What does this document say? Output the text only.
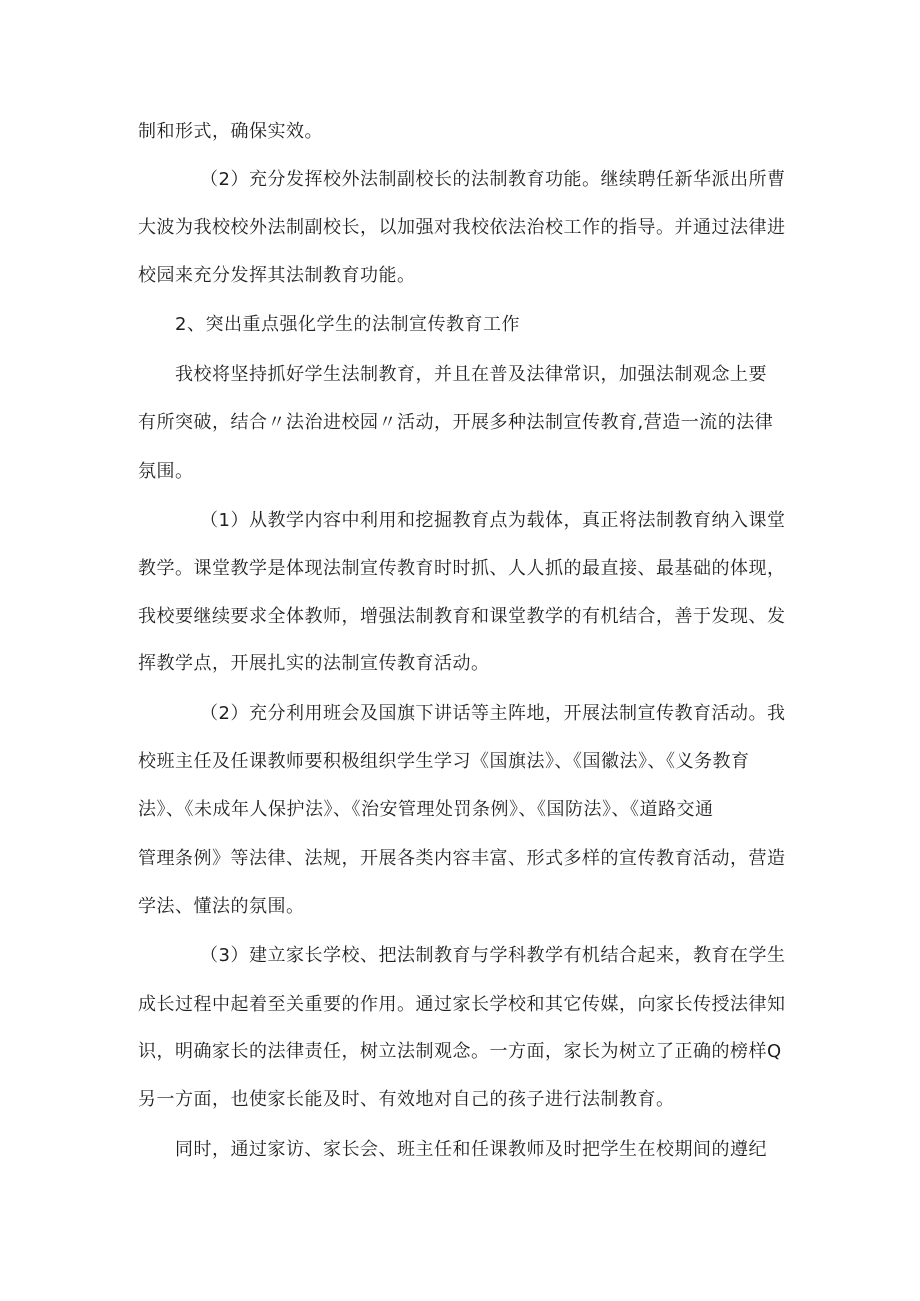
制和形式，确保实效。
（2）充分发挥校外法制副校长的法制教育功能。继续聘任新华派出所曹
大波为我校校外法制副校长，以加强对我校依法治校工作的指导。并通过法律进
校园来充分发挥其法制教育功能。
2、突出重点强化学生的法制宣传教育工作
我校将坚持抓好学生法制教育，并且在普及法律常识，加强法制观念上要
有所突破，结合〃法治进校园〃活动，开展多种法制宣传教育,营造一流的法律
氛围。
（1）从教学内容中利用和挖掘教育点为载体，真正将法制教育纳入课堂
教学。课堂教学是体现法制宣传教育时时抓、人人抓的最直接、最基础的体现，
我校要继续要求全体教师，增强法制教育和课堂教学的有机结合，善于发现、发
挥教学点，开展扎实的法制宣传教育活动。
（2）充分利用班会及国旗下讲话等主阵地，开展法制宣传教育活动。我
校班主任及任课教师要积极组织学生学习《国旗法》、《国徽法》、《义务教育
法》、《未成年人保护法》、《治安管理处罚条例》、《国防法》、《道路交通
管理条例》等法律、法规，开展各类内容丰富、形式多样的宣传教育活动，营造
学法、懂法的氛围。
（3）建立家长学校、把法制教育与学科教学有机结合起来，教育在学生
成长过程中起着至关重要的作用。通过家长学校和其它传媒，向家长传授法律知
识，明确家长的法律责任，树立法制观念。一方面，家长为树立了正确的榜样Q
另一方面，也使家长能及时、有效地对自己的孩子进行法制教育。
同时，通过家访、家长会、班主任和任课教师及时把学生在校期间的遵纪
